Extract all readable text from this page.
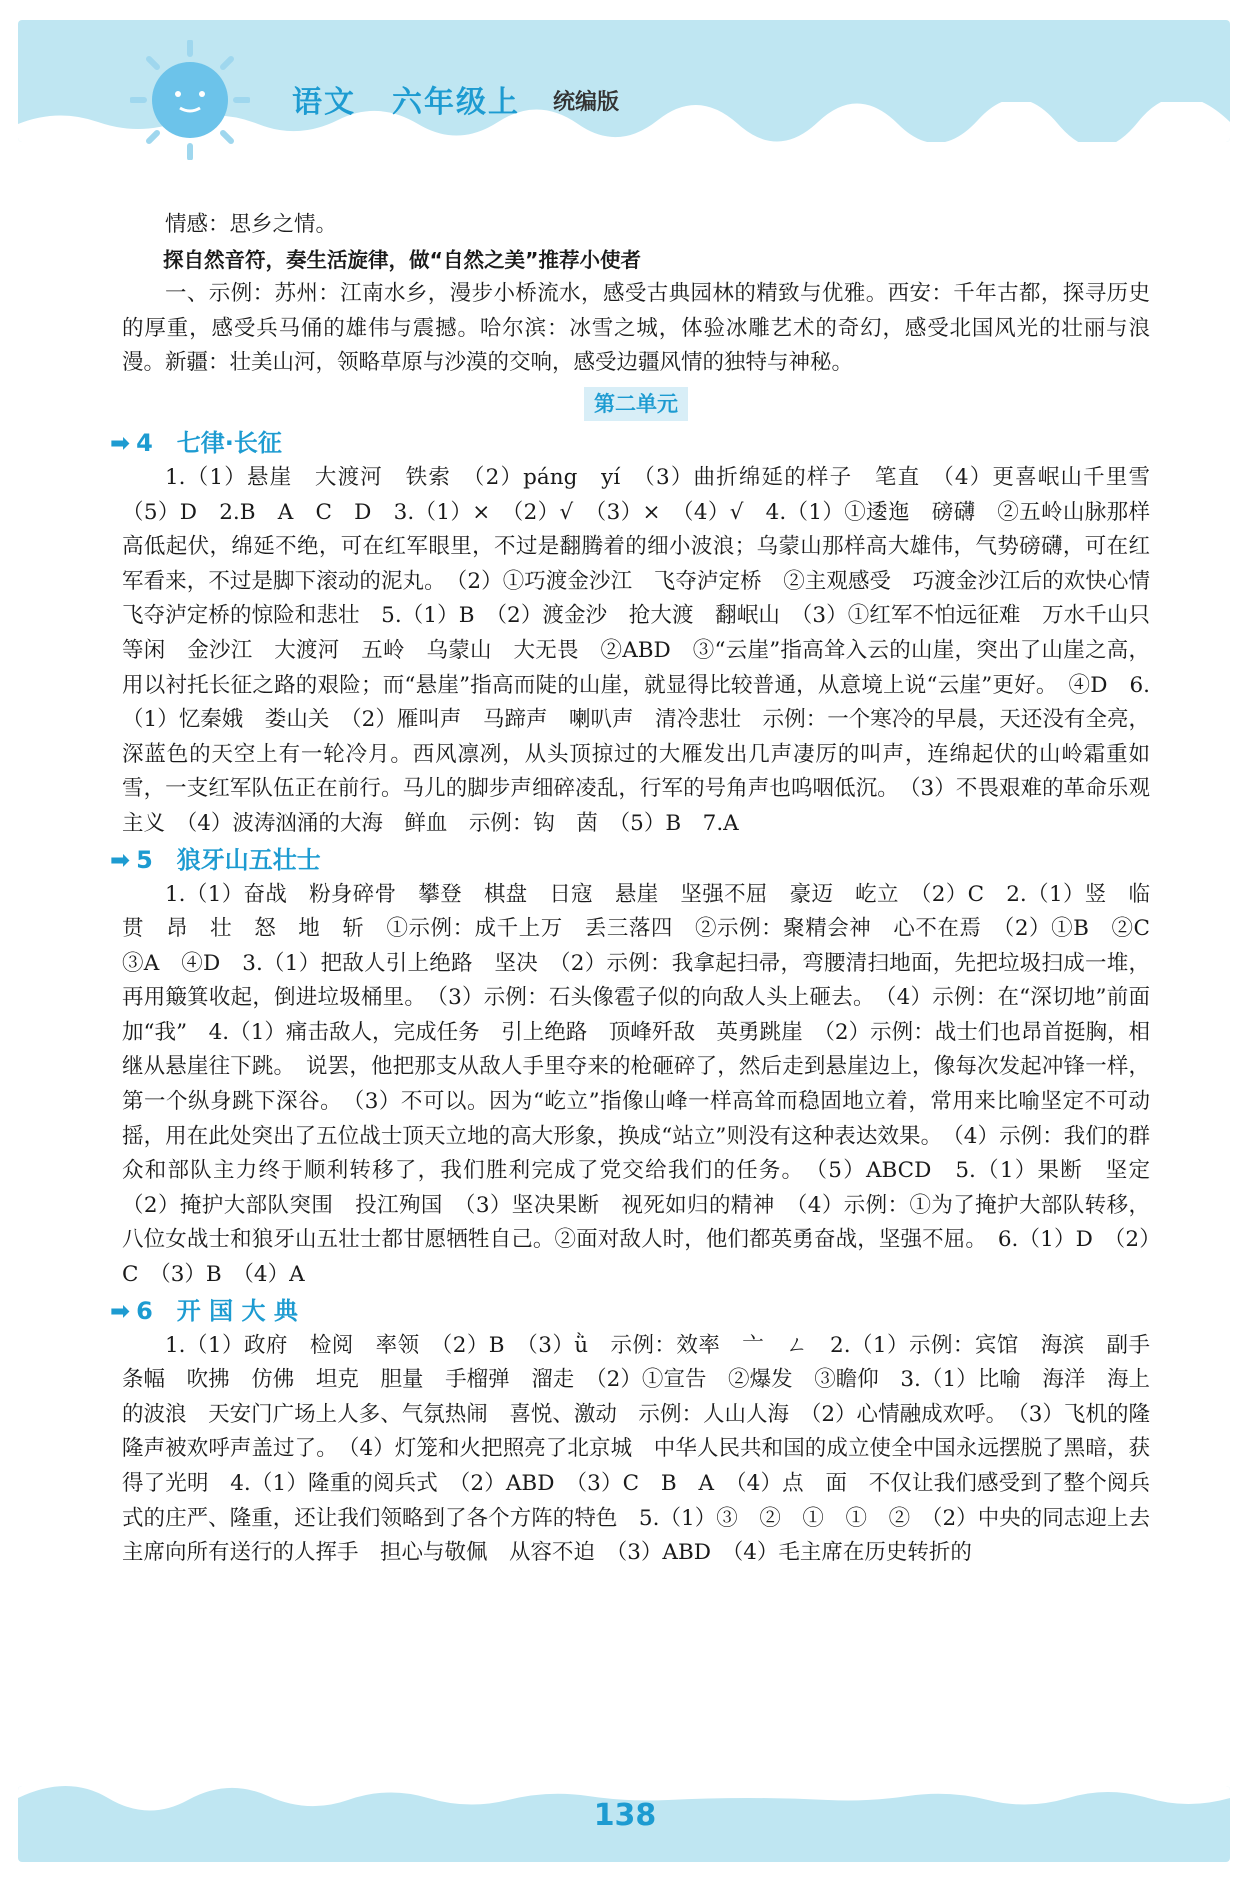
语文 六年级上 统编版

情感：思乡之情。

探自然音符，奏生活旋律，做“自然之美”推荐小使者

一、示例：苏州：江南水乡，漫步小桥流水，感受古典园林的精致与优雅。西安：千年古都，探寻历史的厚重，感受兵马俑的雄伟与震撼。哈尔滨：冰雪之城，体验冰雕艺术的奇幻，感受北国风光的壮丽与浪漫。新疆：壮美山河，领略草原与沙漠的交响，感受边疆风情的独特与神秘。

第二单元

➡ 4　七律·长征

1.（1）悬崖　大渡河　铁索　（2）páng　yí　（3）曲折绵延的样子　笔直　（4）更喜岷山千里雪　（5）D　2.B　A　C　D　3.（1）×　（2）√　（3）×　（4）√　4.（1）①逶迤　磅礴　②五岭山脉那样高低起伏，绵延不绝，可在红军眼里，不过是翻腾着的细小波浪；乌蒙山那样高大雄伟，气势磅礴，可在红军看来，不过是脚下滚动的泥丸。　（2）①巧渡金沙江　飞夺泸定桥　②主观感受　巧渡金沙江后的欢快心情　飞夺泸定桥的惊险和悲壮　5.（1）B　（2）渡金沙　抢大渡　翻岷山　（3）①红军不怕远征难　万水千山只等闲　金沙江　大渡河　五岭　乌蒙山　大无畏　②ABD　③“云崖”指高耸入云的山崖，突出了山崖之高，用以衬托长征之路的艰险；而“悬崖”指高而陡的山崖，就显得比较普通，从意境上说“云崖”更好。　④D　6.（1）忆秦娥　娄山关　（2）雁叫声　马蹄声　喇叭声　清冷悲壮　示例：一个寒冷的早晨，天还没有全亮，深蓝色的天空上有一轮冷月。西风凛冽，从头顶掠过的大雁发出几声凄厉的叫声，连绵起伏的山岭霜重如雪，一支红军队伍正在前行。马儿的脚步声细碎凌乱，行军的号角声也呜咽低沉。　（3）不畏艰难的革命乐观主义　（4）波涛汹涌的大海　鲜血　示例：钩　茵　（5）B　7.A

➡ 5　狼牙山五壮士

1.（1）奋战　粉身碎骨　攀登　棋盘　日寇　悬崖　坚强不屈　豪迈　屹立　（2）C　2.（1）竖　临　贯　昂　壮　怒　地　斩　①示例：成千上万　丢三落四　②示例：聚精会神　心不在焉　（2）①B　②C　③A　④D　3.（1）把敌人引上绝路　坚决　（2）示例：我拿起扫帚，弯腰清扫地面，先把垃圾扫成一堆，再用簸箕收起，倒进垃圾桶里。　（3）示例：石头像雹子似的向敌人头上砸去。　（4）示例：在“深切地”前面加“我”　4.（1）痛击敌人，完成任务　引上绝路　顶峰歼敌　英勇跳崖　（2）示例：战士们也昂首挺胸，相继从悬崖往下跳。　说罢，他把那支从敌人手里夺来的枪砸碎了，然后走到悬崖边上，像每次发起冲锋一样，第一个纵身跳下深谷。　（3）不可以。因为“屹立”指像山峰一样高耸而稳固地立着，常用来比喻坚定不可动摇，用在此处突出了五位战士顶天立地的高大形象，换成“站立”则没有这种表达效果。　（4）示例：我们的群众和部队主力终于顺利转移了，我们胜利完成了党交给我们的任务。　（5）ABCD　5.（1）果断　坚定　（2）掩护大部队突围　投江殉国　（3）坚决果断　视死如归的精神　（4）示例：①为了掩护大部队转移，八位女战士和狼牙山五壮士都甘愿牺牲自己。②面对敌人时，他们都英勇奋战，坚强不屈。　6.（1）D　（2）C　（3）B　（4）A

➡ 6　开 国 大 典

1.（1）政府　检阅　率领　（2）B　（3）ǜ　示例：效率　亠　ㄥ　2.（1）示例：宾馆　海滨　副手　条幅　吹拂　仿佛　坦克　胆量　手榴弹　溜走　（2）①宣告　②爆发　③瞻仰　3.（1）比喻　海洋　海上的波浪　天安门广场上人多、气氛热闹　喜悦、激动　示例：人山人海　（2）心情融成欢呼。　（3）飞机的隆隆声被欢呼声盖过了。　（4）灯笼和火把照亮了北京城　中华人民共和国的成立使全中国永远摆脱了黑暗，获得了光明　4.（1）隆重的阅兵式　（2）ABD　（3）C　B　A　（4）点　面　不仅让我们感受到了整个阅兵式的庄严、隆重，还让我们领略到了各个方阵的特色　5.（1）③　②　①　①　②　（2）中央的同志迎上去　主席向所有送行的人挥手　担心与敬佩　从容不迫　（3）ABD　（4）毛主席在历史转折的

138
